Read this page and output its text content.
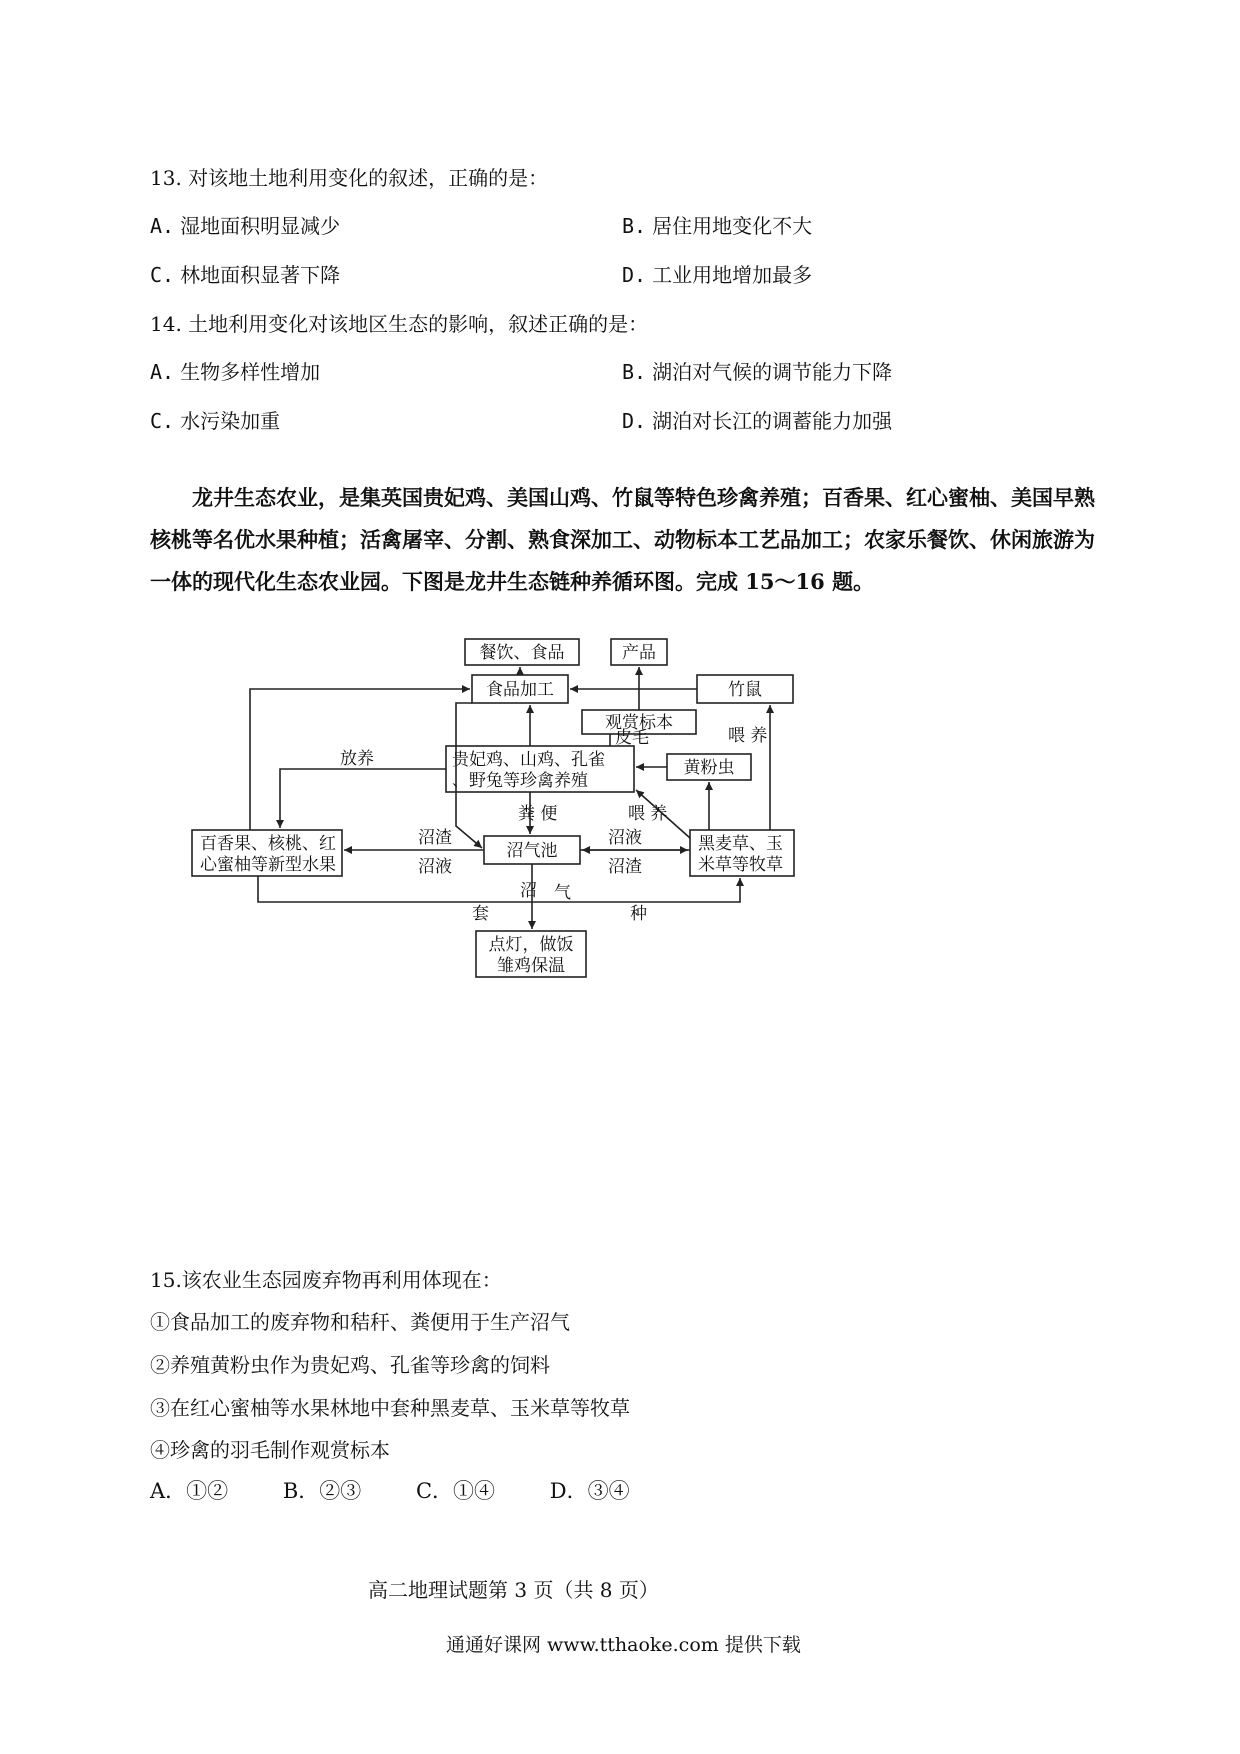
13. 对该地土地利用变化的叙述，正确的是：
A. 湿地面积明显减少	B. 居住用地变化不大
C. 林地面积显著下降	D. 工业用地增加最多
14. 土地利用变化对该地区生态的影响，叙述正确的是：
A. 生物多样性增加	B. 湖泊对气候的调节能力下降
C. 水污染加重	D. 湖泊对长江的调蓄能力加强
龙井生态农业，是集英国贵妃鸡、美国山鸡、竹鼠等特色珍禽养殖；百香果、红心蜜柚、美国早熟核桃等名优水果种植；活禽屠宰、分割、熟食深加工、动物标本工艺品加工；农家乐餐饮、休闲旅游为一体的现代化生态农业园。下图是龙井生态链种养循环图。完成 15～16 题。
餐饮、食品	产品
食品加工	竹鼠
观赏标本
贵妃鸡、山鸡、孔雀
、野兔等珍禽养殖
黄粉虫
百香果、核桃、红
心蜜柚等新型水果
沼气池	黑麦草、玉
米草等牧草
点灯，做饭
雏鸡保温
皮毛
放养
喂 养
喂 养
粪 便
沼渣
沼液
沼液
沼渣
沼 气
套	种
15.该农业生态园废弃物再利用体现在：
①食品加工的废弃物和秸秆、粪便用于生产沼气
②养殖黄粉虫作为贵妃鸡、孔雀等珍禽的饲料
③在红心蜜柚等水果林地中套种黑麦草、玉米草等牧草
④珍禽的羽毛制作观赏标本
A．①②	B．②③	C．①④	D．③④
高二地理试题第 3 页（共 8 页）
通通好课网 www.tthaoke.com 提供下载
